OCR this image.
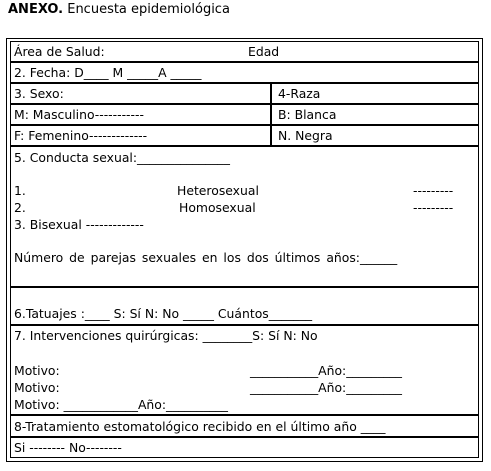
ANEXO. Encuesta epidemiológica
Área de Salud:	Edad
2. Fecha: D____ M _____A _____
3. Sexo:	4-Raza
M: Masculino-----------	B: Blanca
F: Femenino-------------	N. Negra
5. Conducta sexual:_______________
1.	Heterosexual	---------
2.	Homosexual	---------
3. Bisexual -------------
Número de parejas sexuales en los dos últimos años:______
6.Tatuajes :____ S: Sí N: No _____ Cuántos_______
7. Intervenciones quirúrgicas: ________S: Sí N: No
Motivo:	___________Año:_________
Motivo:	___________Año:_________
Motivo: ____________Año:__________
8-Tratamiento estomatológico recibido en el último año ____
Si -------- No--------
